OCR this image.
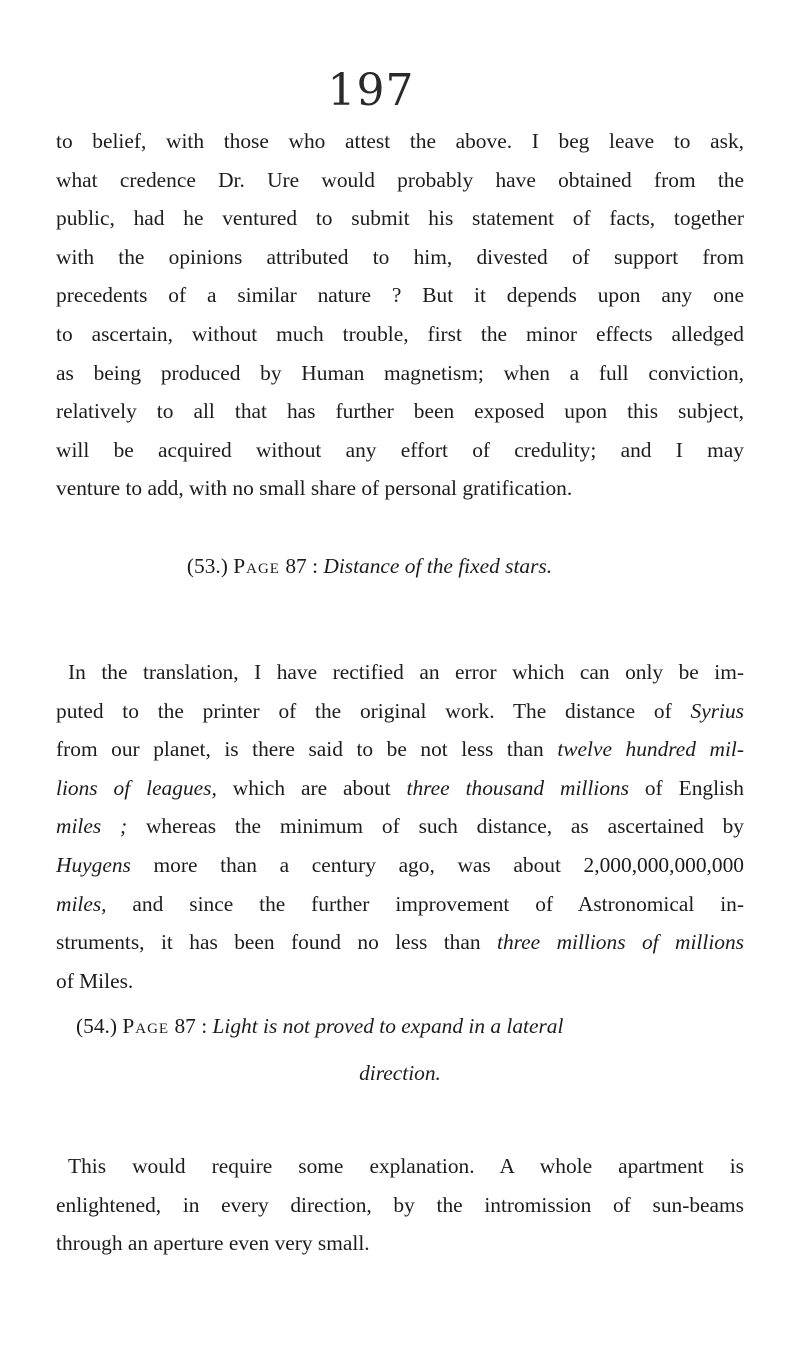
197
to belief, with those who attest the above. I beg leave to ask,
what credence Dr. Ure would probably have obtained from the
public, had he ventured to submit his statement of facts, together
with the opinions attributed to him, divested of support from
precedents of a similar nature ? But it depends upon any one
to ascertain, without much trouble, first the minor effects alledged
as being produced by Human magnetism; when a full conviction,
relatively to all that has further been exposed upon this subject,
will be acquired without any effort of credulity; and I may
venture to add, with no small share of personal gratification.
(53.) Page 87 : Distance of the fixed stars.
In the translation, I have rectified an error which can only be im-
puted to the printer of the original work. The distance of Syrius
from our planet, is there said to be not less than twelve hundred mil-
lions of leagues, which are about three thousand millions of English
miles ; whereas the minimum of such distance, as ascertained by
Huygens more than a century ago, was about 2,000,000,000,000
miles, and since the further improvement of Astronomical in-
struments, it has been found no less than three millions of millions
of Miles.
(54.) Page 87 : Light is not proved to expand in a lateral
direction.
This would require some explanation. A whole apartment is
enlightened, in every direction, by the intromission of sun-beams
through an aperture even very small.
